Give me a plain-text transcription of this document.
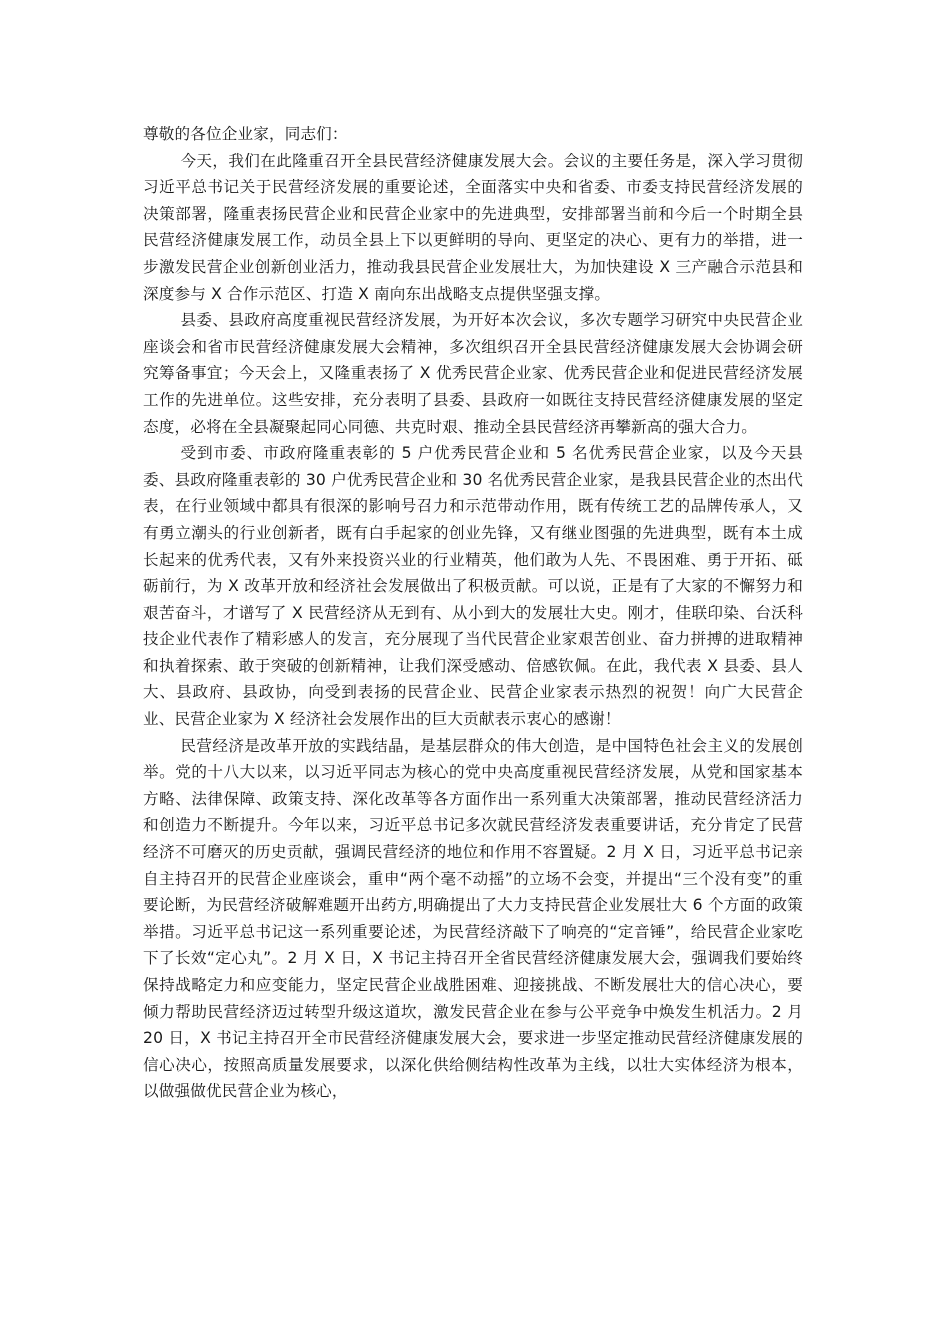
尊敬的各位企业家，同志们：

今天，我们在此隆重召开全县民营经济健康发展大会。会议的主要任务是，深入学习贯彻习近平总书记关于民营经济发展的重要论述，全面落实中央和省委、市委支持民营经济发展的决策部署，隆重表扬民营企业和民营企业家中的先进典型，安排部署当前和今后一个时期全县民营经济健康发展工作，动员全县上下以更鲜明的导向、更坚定的决心、更有力的举措，进一步激发民营企业创新创业活力，推动我县民营企业发展壮大，为加快建设 X 三产融合示范县和深度参与 X 合作示范区、打造 X 南向东出战略支点提供坚强支撑。

县委、县政府高度重视民营经济发展，为开好本次会议，多次专题学习研究中央民营企业座谈会和省市民营经济健康发展大会精神，多次组织召开全县民营经济健康发展大会协调会研究筹备事宜；今天会上，又隆重表扬了 X 优秀民营企业家、优秀民营企业和促进民营经济发展工作的先进单位。这些安排，充分表明了县委、县政府一如既往支持民营经济健康发展的坚定态度，必将在全县凝聚起同心同德、共克时艰、推动全县民营经济再攀新高的强大合力。

受到市委、市政府隆重表彰的 5 户优秀民营企业和 5 名优秀民营企业家，以及今天县委、县政府隆重表彰的 30 户优秀民营企业和 30 名优秀民营企业家，是我县民营企业的杰出代表，在行业领域中都具有很深的影响号召力和示范带动作用，既有传统工艺的品牌传承人，又有勇立潮头的行业创新者，既有白手起家的创业先锋，又有继业图强的先进典型，既有本土成长起来的优秀代表，又有外来投资兴业的行业精英，他们敢为人先、不畏困难、勇于开拓、砥砺前行，为 X 改革开放和经济社会发展做出了积极贡献。可以说，正是有了大家的不懈努力和艰苦奋斗，才谱写了 X 民营经济从无到有、从小到大的发展壮大史。刚才，佳联印染、台沃科技企业代表作了精彩感人的发言，充分展现了当代民营企业家艰苦创业、奋力拼搏的进取精神和执着探索、敢于突破的创新精神，让我们深受感动、倍感钦佩。在此，我代表 X 县委、县人大、县政府、县政协，向受到表扬的民营企业、民营企业家表示热烈的祝贺！向广大民营企业、民营企业家为 X 经济社会发展作出的巨大贡献表示衷心的感谢！

民营经济是改革开放的实践结晶，是基层群众的伟大创造，是中国特色社会主义的发展创举。党的十八大以来，以习近平同志为核心的党中央高度重视民营经济发展，从党和国家基本方略、法律保障、政策支持、深化改革等各方面作出一系列重大决策部署，推动民营经济活力和创造力不断提升。今年以来，习近平总书记多次就民营经济发表重要讲话，充分肯定了民营经济不可磨灭的历史贡献，强调民营经济的地位和作用不容置疑。2 月 X 日，习近平总书记亲自主持召开的民营企业座谈会，重申“两个毫不动摇”的立场不会变，并提出“三个没有变”的重要论断，为民营经济破解难题开出药方,明确提出了大力支持民营企业发展壮大 6 个方面的政策举措。习近平总书记这一系列重要论述，为民营经济敲下了响亮的“定音锤”，给民营企业家吃下了长效“定心丸”。2 月 X 日，X 书记主持召开全省民营经济健康发展大会，强调我们要始终保持战略定力和应变能力，坚定民营企业战胜困难、迎接挑战、不断发展壮大的信心决心，要倾力帮助民营经济迈过转型升级这道坎，激发民营企业在参与公平竞争中焕发生机活力。2 月 20 日，X 书记主持召开全市民营经济健康发展大会，要求进一步坚定推动民营经济健康发展的信心决心，按照高质量发展要求，以深化供给侧结构性改革为主线，以壮大实体经济为根本，以做强做优民营企业为核心，
